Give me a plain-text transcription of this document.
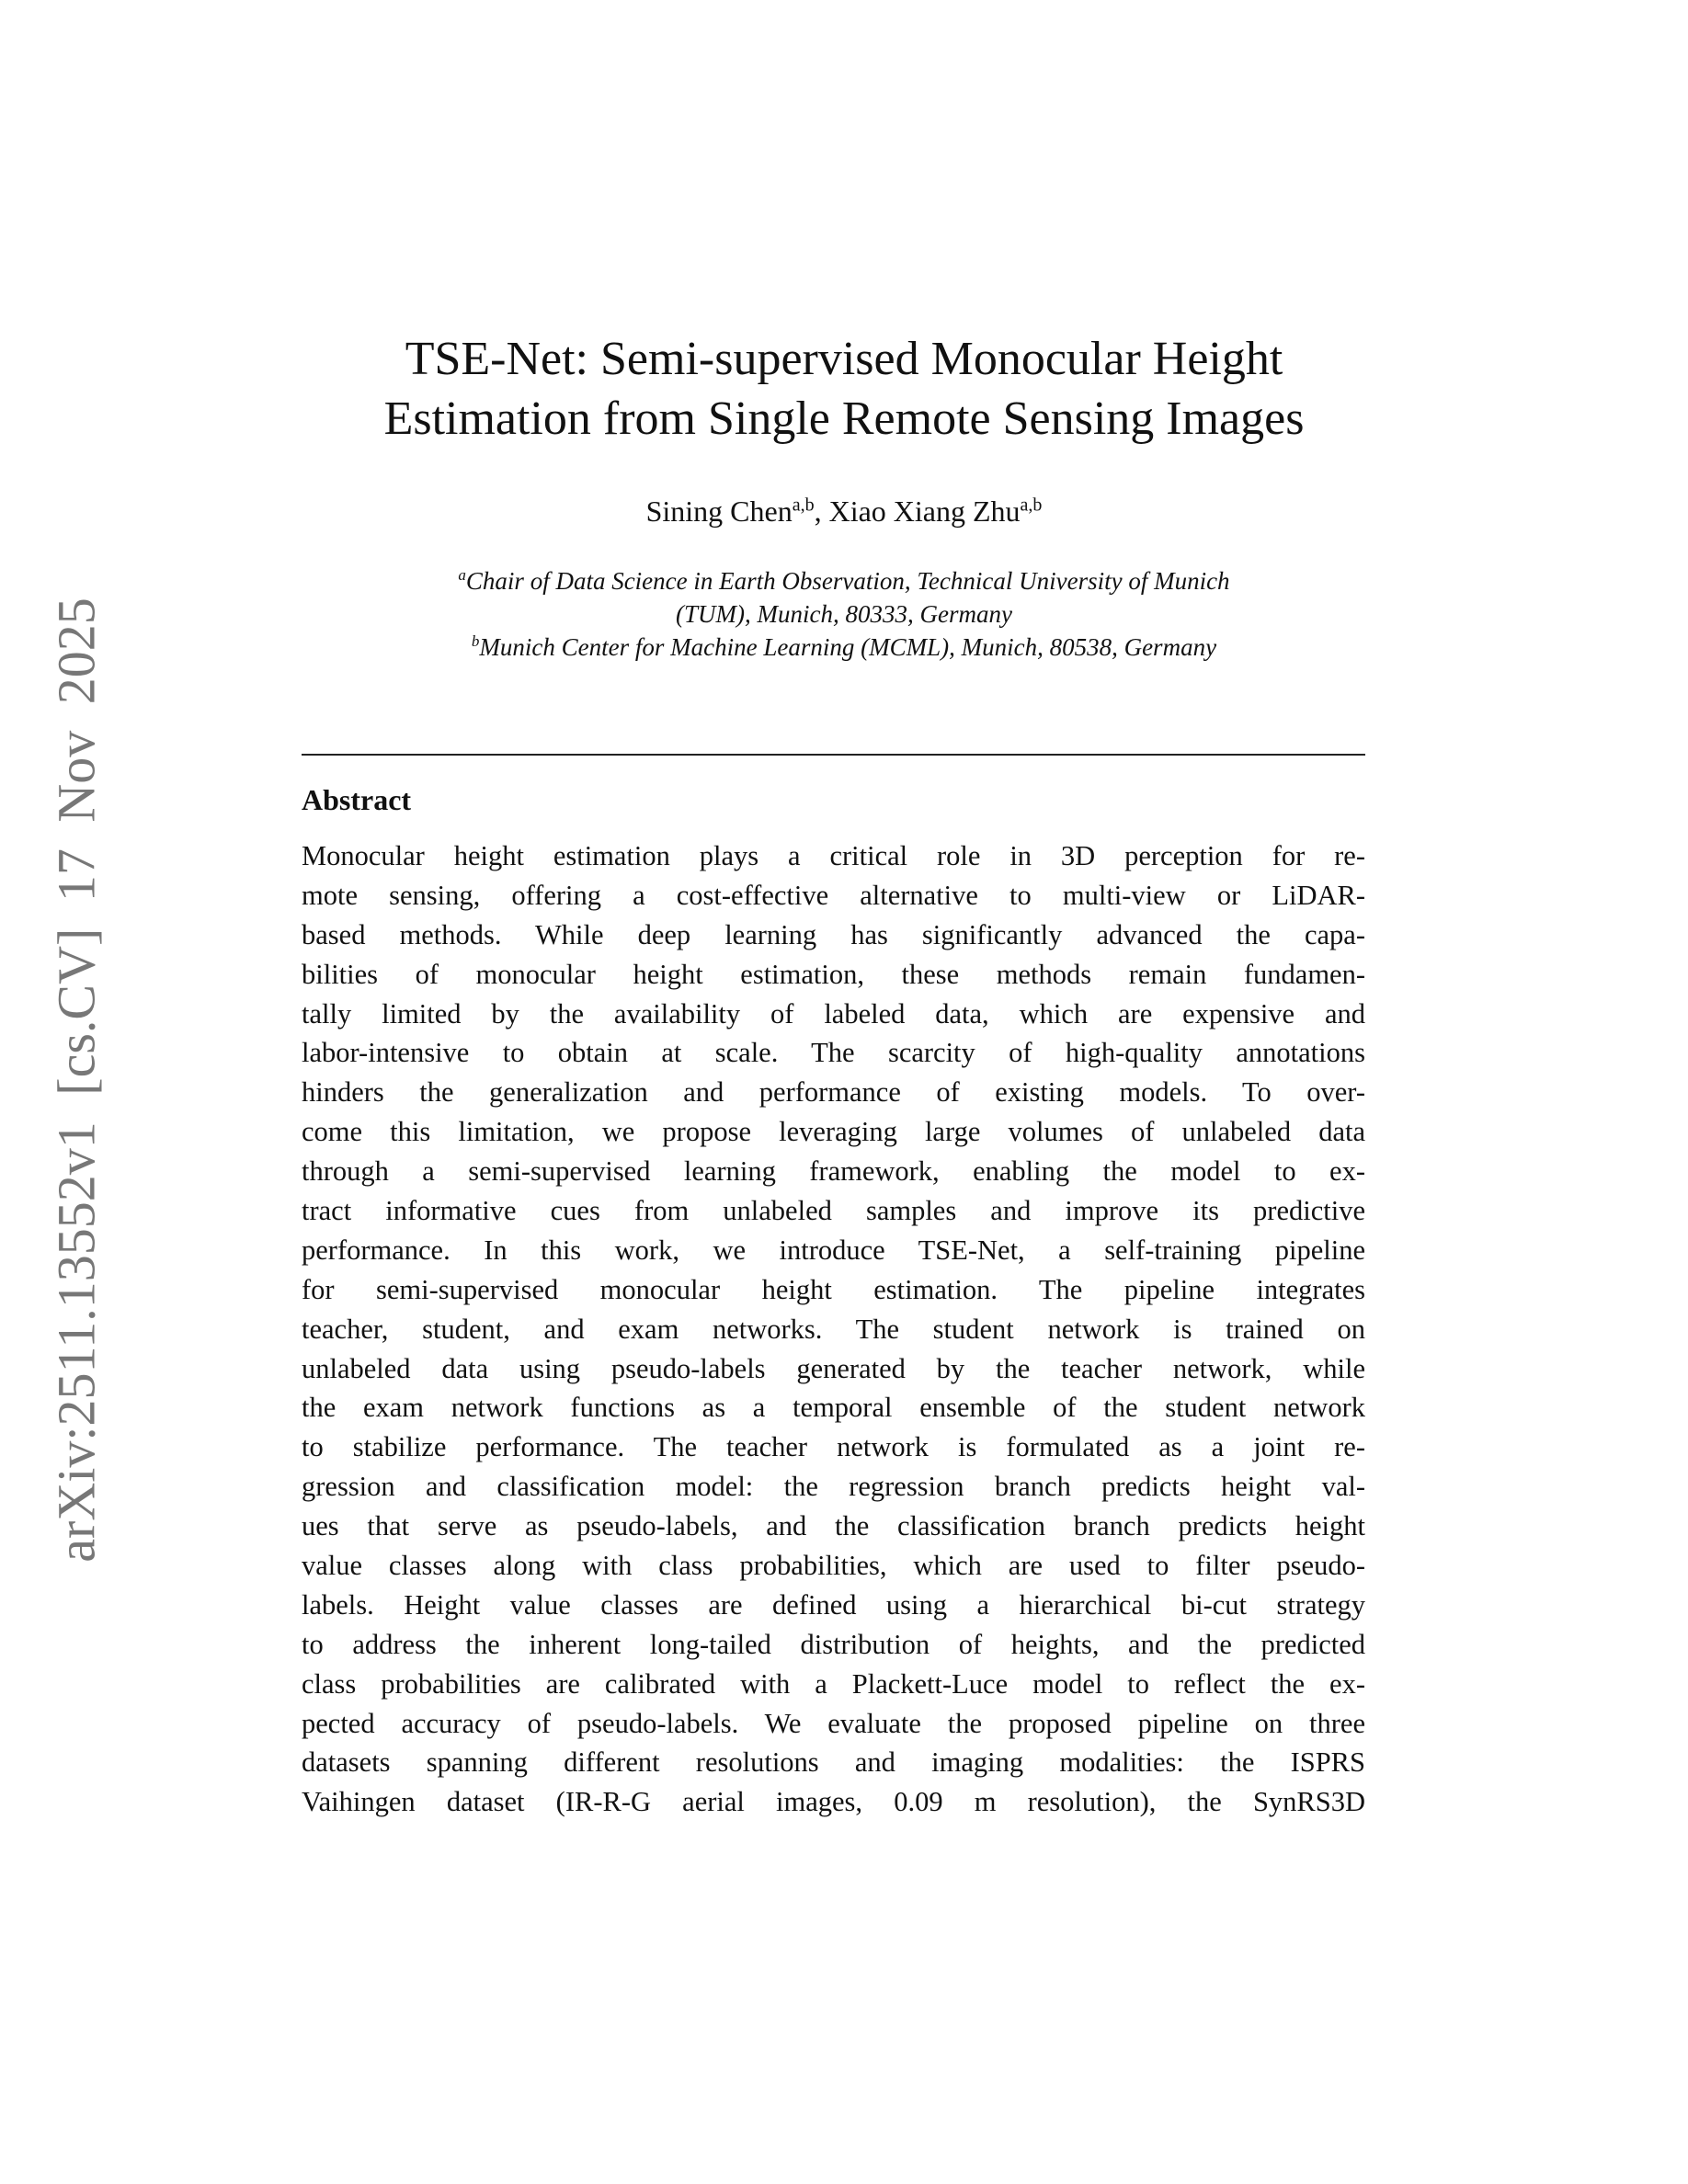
arXiv:2511.13552v1 [cs.CV] 17 Nov 2025
TSE-Net: Semi-supervised Monocular Height
Estimation from Single Remote Sensing Images
Sining Chen$^{a,b}$, Xiao Xiang Zhu$^{a,b}$
$^a$Chair of Data Science in Earth Observation, Technical University of Munich
(TUM), Munich, 80333, Germany
$^b$Munich Center for Machine Learning (MCML), Munich, 80538, Germany
Abstract
Monocular height estimation plays a critical role in 3D perception for re-
mote sensing, offering a cost-effective alternative to multi-view or LiDAR-
based methods. While deep learning has significantly advanced the capa-
bilities of monocular height estimation, these methods remain fundamen-
tally limited by the availability of labeled data, which are expensive and
labor-intensive to obtain at scale. The scarcity of high-quality annotations
hinders the generalization and performance of existing models. To over-
come this limitation, we propose leveraging large volumes of unlabeled data
through a semi-supervised learning framework, enabling the model to ex-
tract informative cues from unlabeled samples and improve its predictive
performance. In this work, we introduce TSE-Net, a self-training pipeline
for semi-supervised monocular height estimation. The pipeline integrates
teacher, student, and exam networks. The student network is trained on
unlabeled data using pseudo-labels generated by the teacher network, while
the exam network functions as a temporal ensemble of the student network
to stabilize performance. The teacher network is formulated as a joint re-
gression and classification model: the regression branch predicts height val-
ues that serve as pseudo-labels, and the classification branch predicts height
value classes along with class probabilities, which are used to filter pseudo-
labels. Height value classes are defined using a hierarchical bi-cut strategy
to address the inherent long-tailed distribution of heights, and the predicted
class probabilities are calibrated with a Plackett-Luce model to reflect the ex-
pected accuracy of pseudo-labels. We evaluate the proposed pipeline on three
datasets spanning different resolutions and imaging modalities: the ISPRS
Vaihingen dataset (IR-R-G aerial images, 0.09 m resolution), the SynRS3D
